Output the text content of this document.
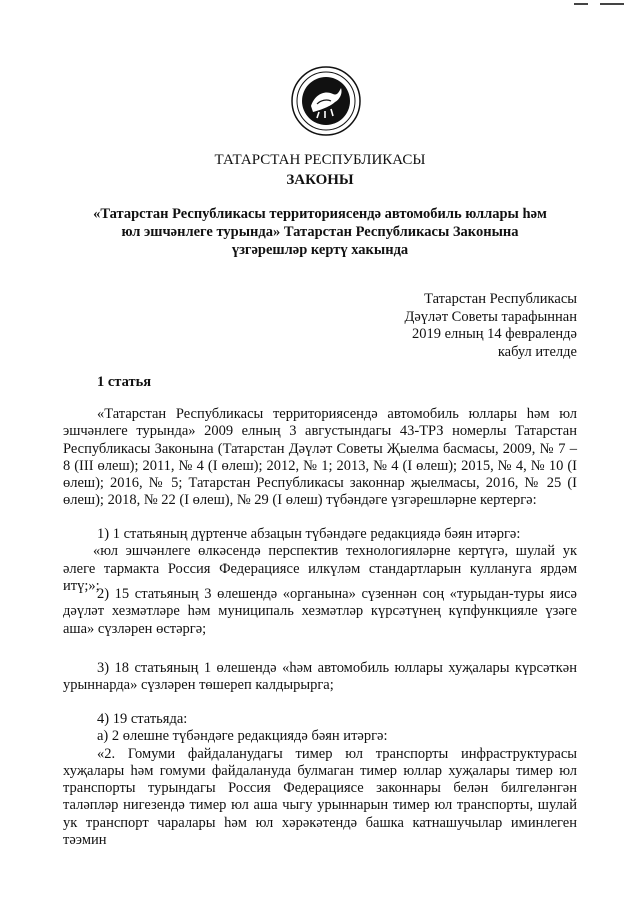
ТАТАРСТАН РЕСПУБЛИКАСЫ
ЗАКОНЫ
«Татарстан Республикасы территориясендә автомобиль юллары һәм
юл эшчәнлеге турында» Татарстан Республикасы Законына
үзгәрешләр кертү хакында
Татарстан Республикасы
Дәүләт Советы тарафыннан
2019 елның 14 февралендә
кабул ителде
1 статья

«Татарстан Республикасы территориясендә автомобиль юллары һәм юл эшчәнлеге турында» 2009 елның 3 августындагы 43-ТРЗ номерлы Татарстан Республикасы Законына (Татарстан Дәүләт Советы Җыелма басмасы, 2009, № 7 – 8 (III өлеш); 2011, № 4 (I өлеш); 2012, № 1; 2013, № 4 (I өлеш); 2015, № 4, № 10 (I өлеш); 2016, № 5; Татарстан Республикасы законнар җыелмасы, 2016, № 25 (I өлеш); 2018, № 22 (I өлеш), № 29 (I өлеш) түбәндәге үзгәрешләрне кертергә:

1) 1 статьяның дүртенче абзацын түбәндәге редакциядә бәян итәргә:

«юл эшчәнлеге өлкәсендә перспектив технологияләрне кертүгә, шулай ук әлеге тармакта Россия Федерациясе илкүләм стандартларын куллануга ярдәм итү;»;

2) 15 статьяның 3 өлешендә «органына» сүзеннән соң «турыдан-туры яисә дәүләт хезмәтләре һәм муниципаль хезмәтләр күрсәтүнең күпфункцияле үзәге аша» сүзләрен өстәргә;

3) 18 статьяның 1 өлешендә «һәм автомобиль юллары хуҗалары күрсәткән урыннарда» сүзләрен төшереп калдырырга;

4) 19 статьяда:

а) 2 өлешне түбәндәге редакциядә бәян итәргә:

«2. Гомуми файдаланудагы тимер юл транспорты инфраструктурасы хуҗалары һәм гомуми файдалануда булмаган тимер юллар хуҗалары тимер юл транспорты турындагы Россия Федерациясе законнары белән билгеләнгән таләпләр нигезендә тимер юл аша чыгу урыннарын тимер юл транспорты, шулай ук транспорт чаралары һәм юл хәрәкәтендә башка катнашучылар иминлеген тәэмин
